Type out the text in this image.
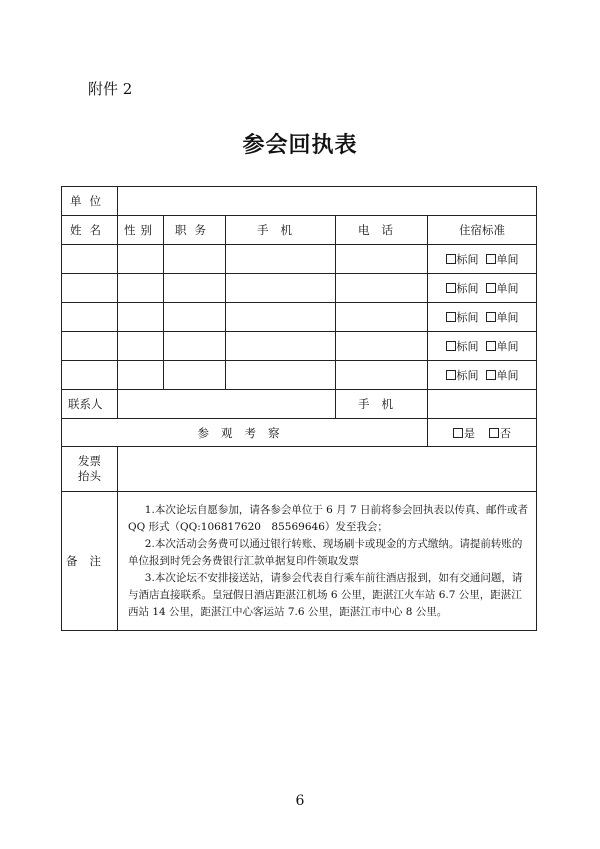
附件 2
参会回执表
单位					
姓名	性别	职务	手机	电话	住宿标准
					标间 单间
					标间 单间
					标间 单间
					标间 单间
					标间 单间
联系人				手机	
参观考察					是 否
发票抬头					
备注	1.本次论坛自愿参加，请各参会单位于 6 月 7 日前将参会回执表以传真、邮件或者 QQ 形式（QQ:106817620　85569646）发至我会；

2.本次活动会务费可以通过银行转账、现场刷卡或现金的方式缴纳。请提前转账的单位报到时凭会务费银行汇款单据复印件领取发票

3.本次论坛不安排接送站，请参会代表自行乘车前往酒店报到，如有交通问题，请与酒店直接联系。皇冠假日酒店距湛江机场 6 公里，距湛江火车站 6.7 公里，距湛江西站 14 公里，距湛江中心客运站 7.6 公里，距湛江市中心 8 公里。				

6
